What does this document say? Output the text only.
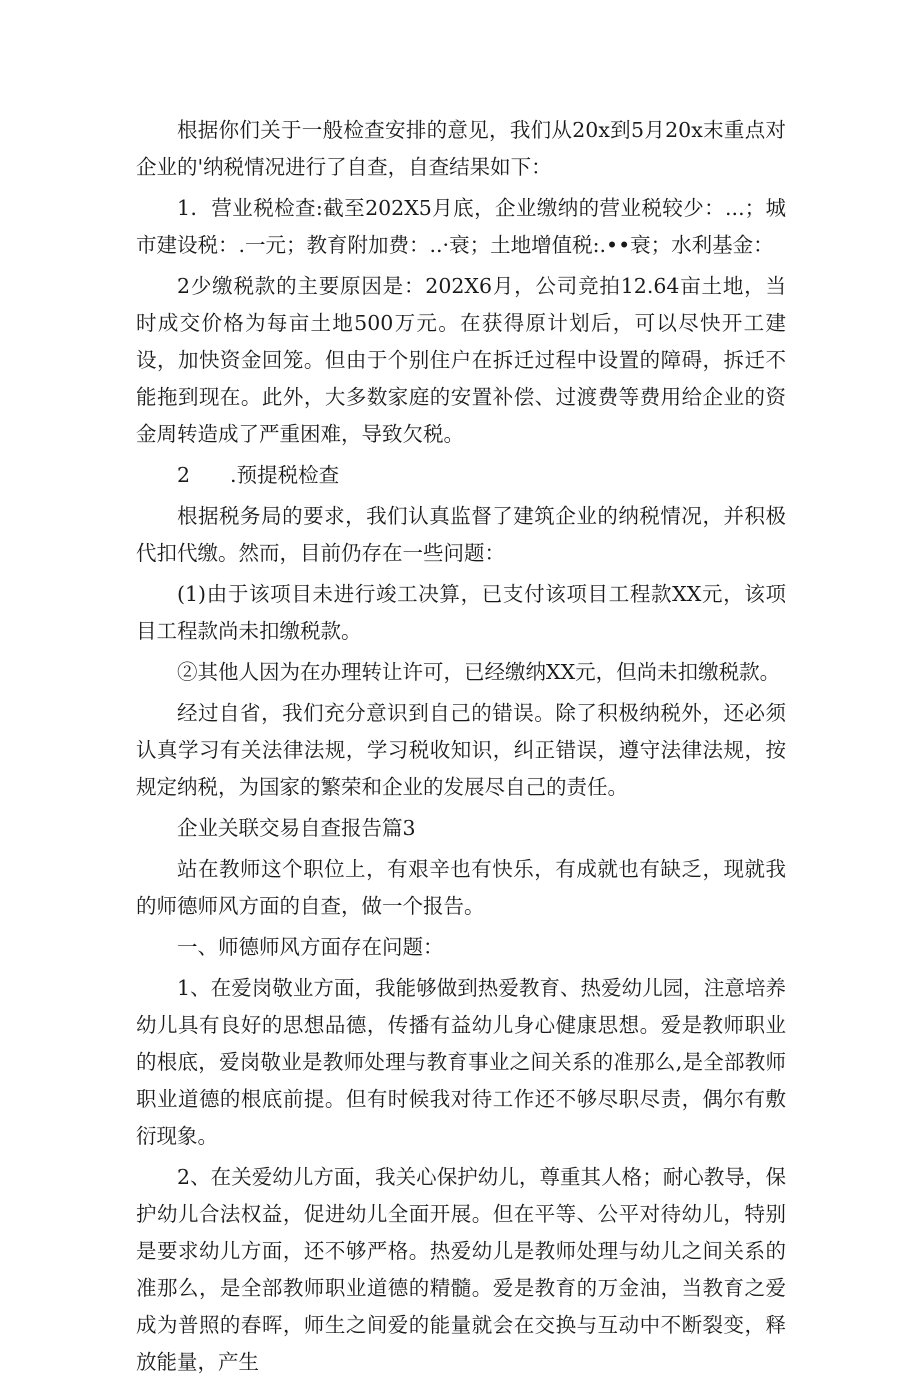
根据你们关于一般检查安排的意见，我们从20x到5月20x末重点对企业的'纳税情况进行了自查，自查结果如下：

1．营业税检查:截至202X5月底，企业缴纳的营业税较少：...；城市建设税：.一元；教育附加费：..·衰；土地增值税:.••衰；水利基金：

2少缴税款的主要原因是：202X6月，公司竞拍12.64亩土地，当时成交价格为每亩土地500万元。在获得原计划后，可以尽快开工建设，加快资金回笼。但由于个别住户在拆迁过程中设置的障碍，拆迁不能拖到现在。此外，大多数家庭的安置补偿、过渡费等费用给企业的资金周转造成了严重困难，导致欠税。

2 .预提税检查

根据税务局的要求，我们认真监督了建筑企业的纳税情况，并积极代扣代缴。然而，目前仍存在一些问题：

(1)由于该项目未进行竣工决算，已支付该项目工程款XX元，该项目工程款尚未扣缴税款。

②其他人因为在办理转让许可，已经缴纳XX元，但尚未扣缴税款。

经过自省，我们充分意识到自己的错误。除了积极纳税外，还必须认真学习有关法律法规，学习税收知识，纠正错误，遵守法律法规，按规定纳税，为国家的繁荣和企业的发展尽自己的责任。

企业关联交易自查报告篇3

站在教师这个职位上，有艰辛也有快乐，有成就也有缺乏，现就我的师德师风方面的自查，做一个报告。

一、师德师风方面存在问题：

1、在爱岗敬业方面，我能够做到热爱教育、热爱幼儿园，注意培养幼儿具有良好的思想品德，传播有益幼儿身心健康思想。爱是教师职业的根底，爱岗敬业是教师处理与教育事业之间关系的准那么,是全部教师职业道德的根底前提。但有时候我对待工作还不够尽职尽责，偶尔有敷衍现象。

2、在关爱幼儿方面，我关心保护幼儿，尊重其人格；耐心教导，保护幼儿合法权益，促进幼儿全面开展。但在平等、公平对待幼儿，特别是要求幼儿方面，还不够严格。热爱幼儿是教师处理与幼儿之间关系的准那么，是全部教师职业道德的精髓。爱是教育的万金油，当教育之爱成为普照的春晖，师生之间爱的能量就会在交换与互动中不断裂变，释放能量，产生
